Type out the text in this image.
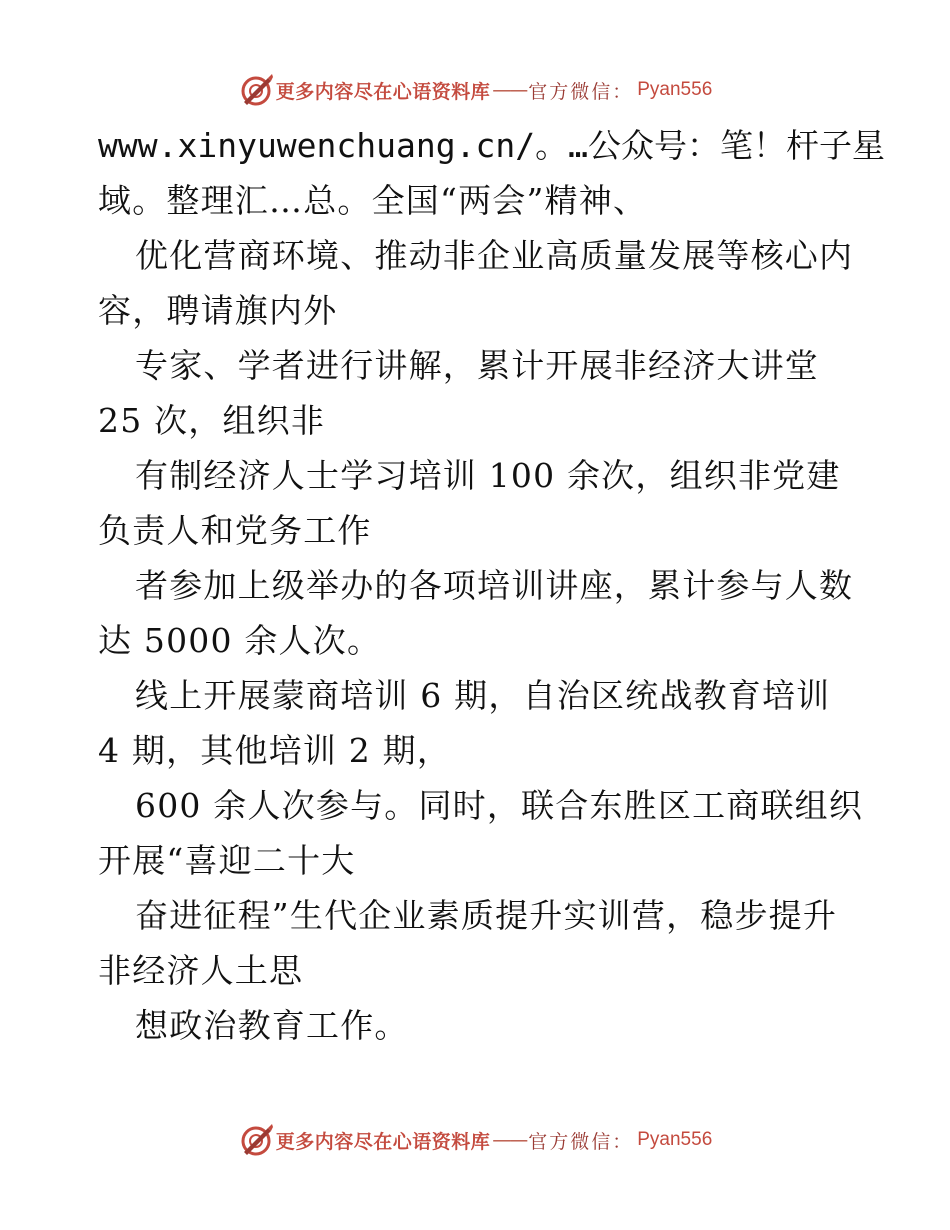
更多内容尽在心语资料库 —— 官方微信： Pyan556
www.xinyuwenchuang.cn/。…公众号：笔！杆子星
域。整理汇…总。全国“两会”精神、
优化营商环境、推动非企业高质量发展等核心内
容，聘请旗内外
专家、学者进行讲解，累计开展非经济大讲堂
25 次，组织非
有制经济人士学习培训 100 余次，组织非党建
负责人和党务工作
者参加上级举办的各项培训讲座，累计参与人数
达 5000 余人次。
线上开展蒙商培训 6 期，自治区统战教育培训
4 期，其他培训 2 期，
600 余人次参与。同时，联合东胜区工商联组织
开展“喜迎二十大
奋进征程”生代企业素质提升实训营，稳步提升
非经济人土思
想政治教育工作。
更多内容尽在心语资料库 —— 官方微信： Pyan556
